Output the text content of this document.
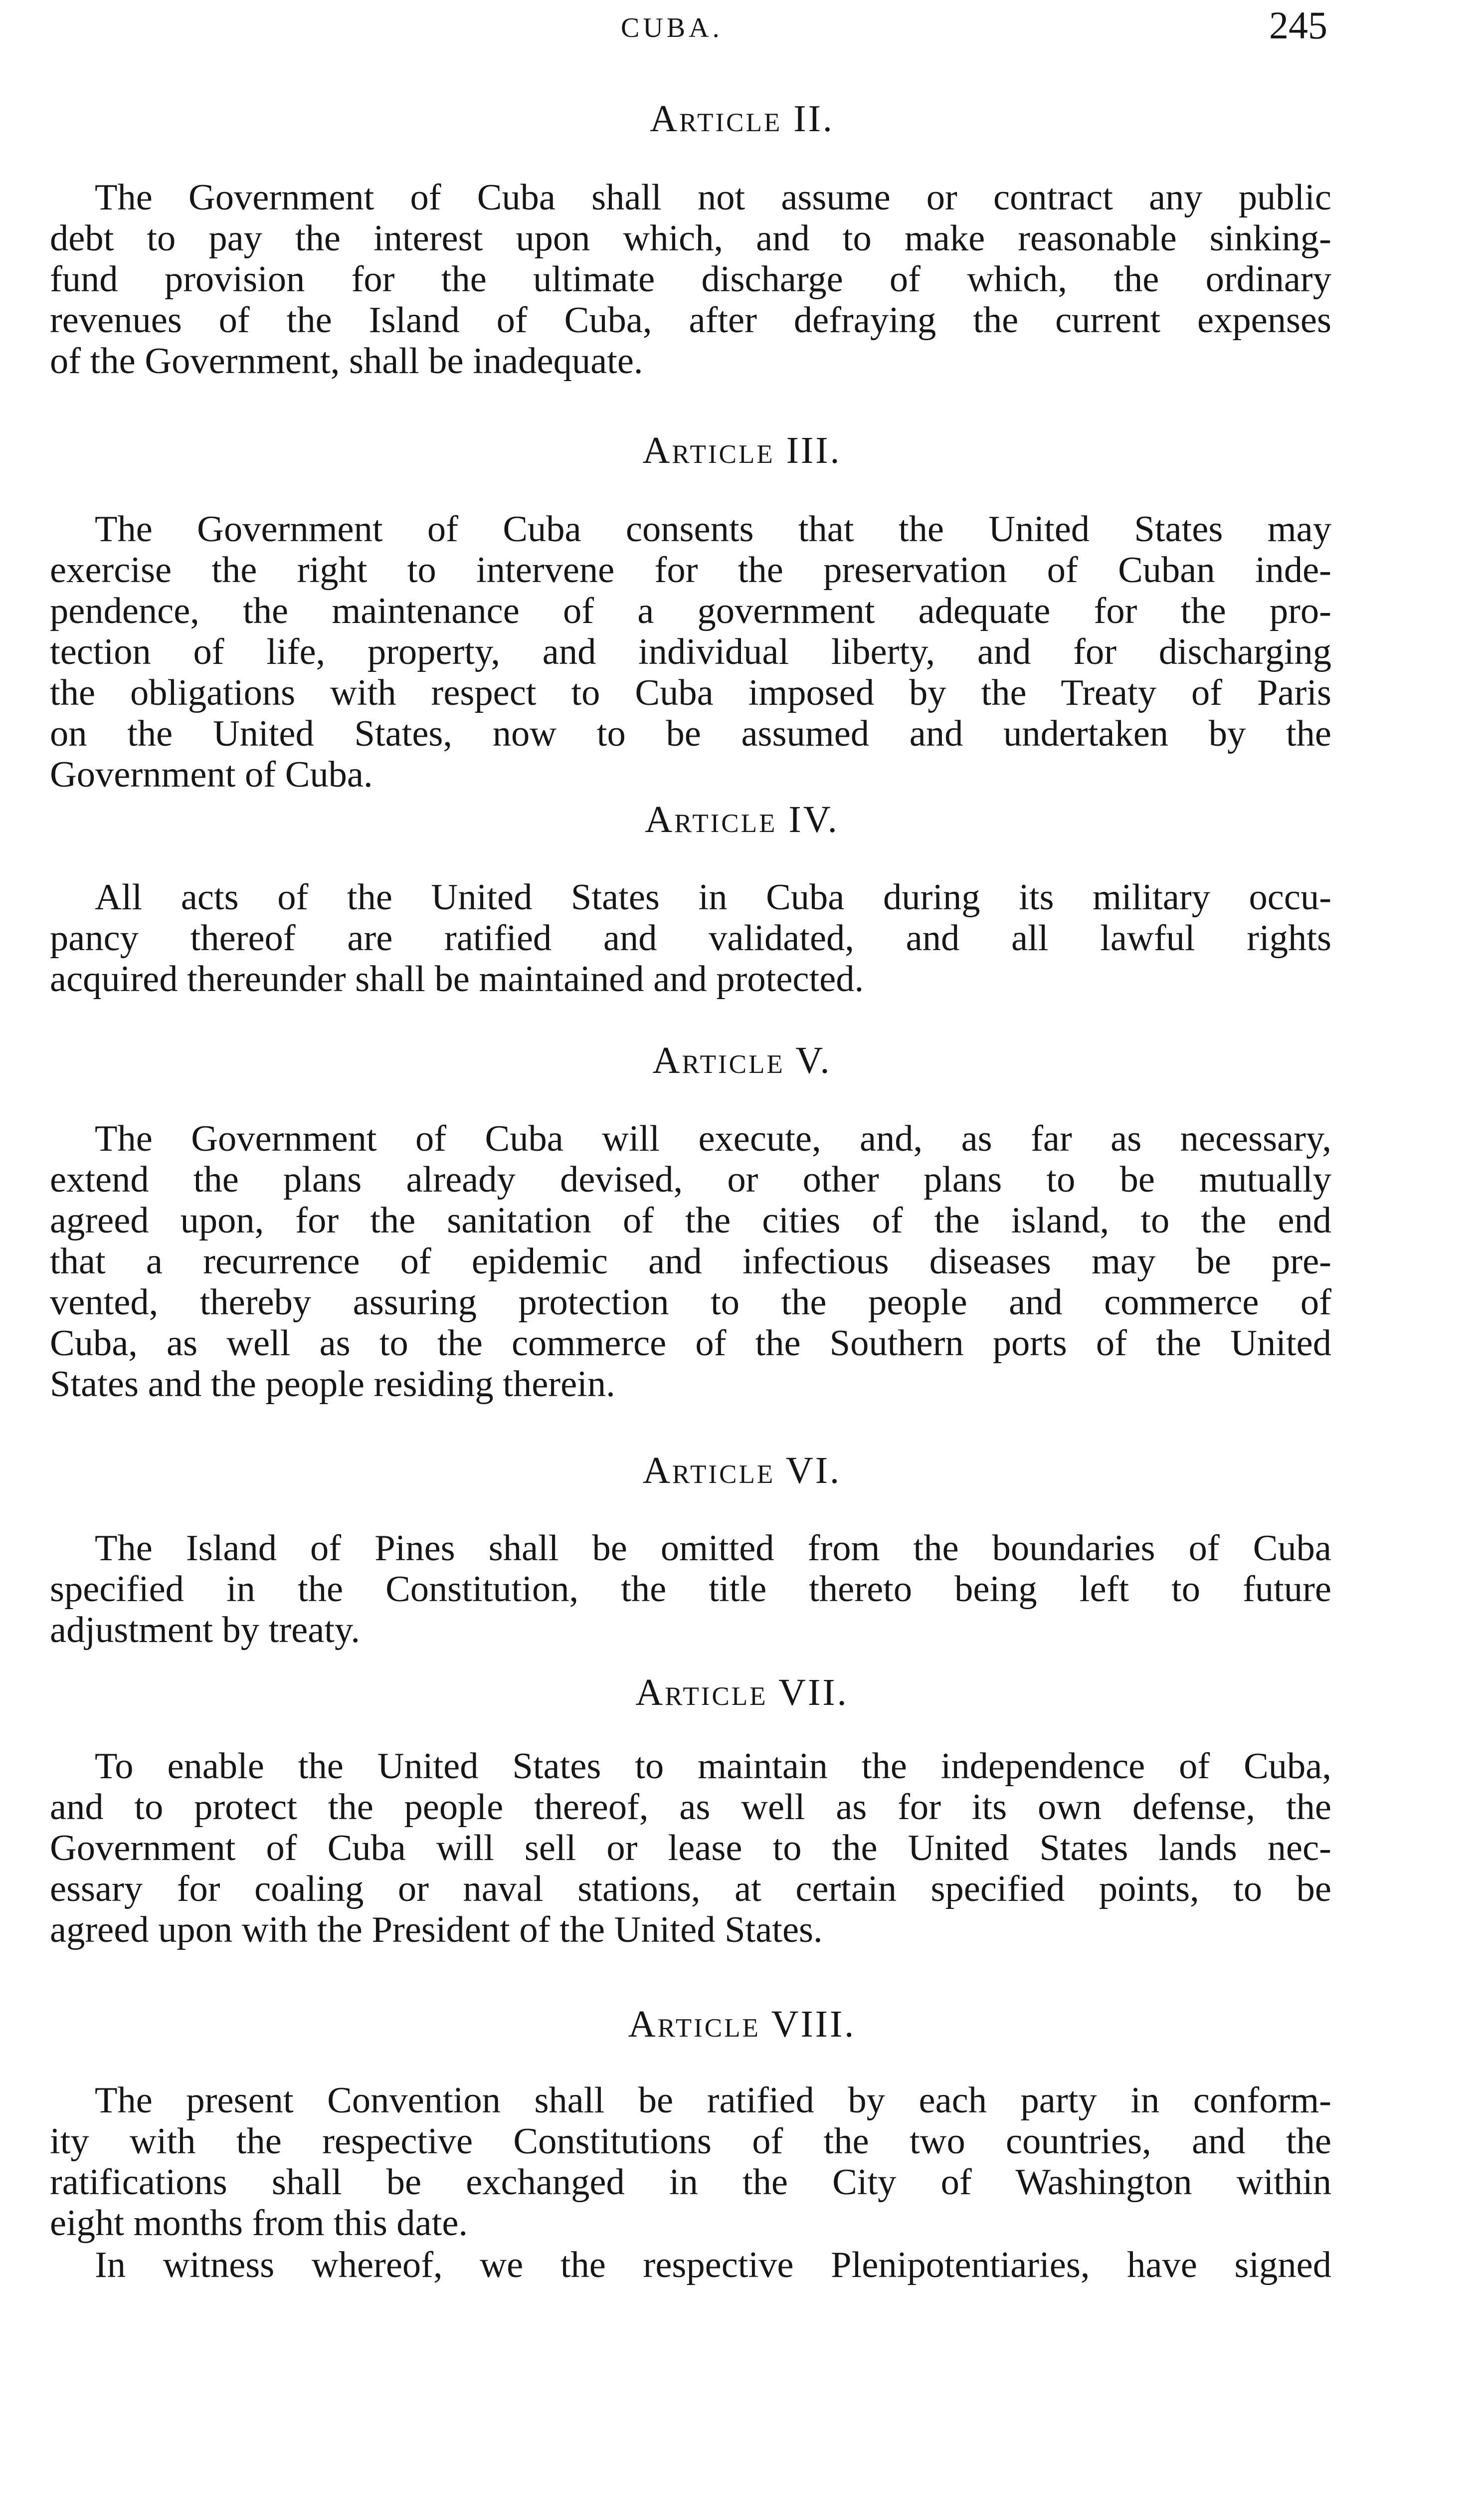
CUBA.	245
Article II.
The Government of Cuba shall not assume or contract any public
debt to pay the interest upon which, and to make reasonable sinking-
fund provision for the ultimate discharge of which, the ordinary
revenues of the Island of Cuba, after defraying the current expenses
of the Government, shall be inadequate.
Article III.
The Government of Cuba consents that the United States may
exercise the right to intervene for the preservation of Cuban inde-
pendence, the maintenance of a government adequate for the pro-
tection of life, property, and individual liberty, and for discharging
the obligations with respect to Cuba imposed by the Treaty of Paris
on the United States, now to be assumed and undertaken by the
Government of Cuba.
Article IV.
All acts of the United States in Cuba during its military occu-
pancy thereof are ratified and validated, and all lawful rights
acquired thereunder shall be maintained and protected.
Article V.
The Government of Cuba will execute, and, as far as necessary,
extend the plans already devised, or other plans to be mutually
agreed upon, for the sanitation of the cities of the island, to the end
that a recurrence of epidemic and infectious diseases may be pre-
vented, thereby assuring protection to the people and commerce of
Cuba, as well as to the commerce of the Southern ports of the United
States and the people residing therein.
Article VI.
The Island of Pines shall be omitted from the boundaries of Cuba
specified in the Constitution, the title thereto being left to future
adjustment by treaty.
Article VII.
To enable the United States to maintain the independence of Cuba,
and to protect the people thereof, as well as for its own defense, the
Government of Cuba will sell or lease to the United States lands nec-
essary for coaling or naval stations, at certain specified points, to be
agreed upon with the President of the United States.
Article VIII.
The present Convention shall be ratified by each party in conform-
ity with the respective Constitutions of the two countries, and the
ratifications shall be exchanged in the City of Washington within
eight months from this date.
In witness whereof, we the respective Plenipotentiaries, have signed
